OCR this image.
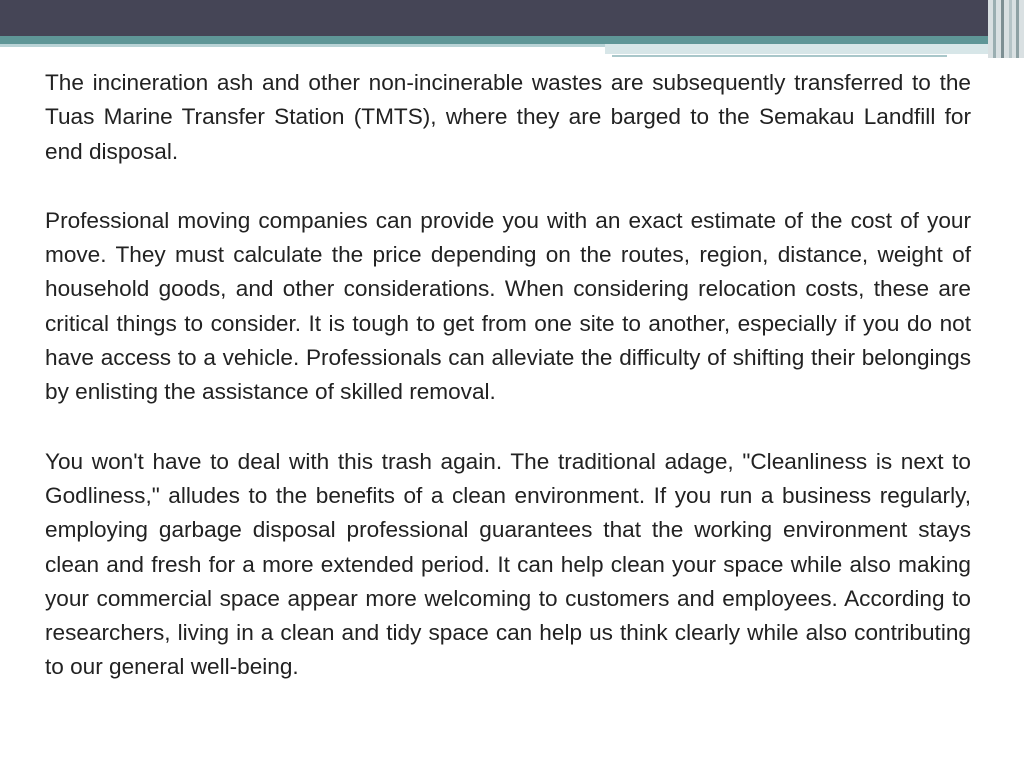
The incineration ash and other non-incinerable wastes are subsequently transferred to the Tuas Marine Transfer Station (TMTS), where they are barged to the Semakau Landfill for end disposal.

Professional moving companies can provide you with an exact estimate of the cost of your move. They must calculate the price depending on the routes, region, distance, weight of household goods, and other considerations. When considering relocation costs, these are critical things to consider. It is tough to get from one site to another, especially if you do not have access to a vehicle. Professionals can alleviate the difficulty of shifting their belongings by enlisting the assistance of skilled removal.

You won't have to deal with this trash again. The traditional adage, "Cleanliness is next to Godliness," alludes to the benefits of a clean environment. If you run a business regularly, employing garbage disposal professional guarantees that the working environment stays clean and fresh for a more extended period. It can help clean your space while also making your commercial space appear more welcoming to customers and employees. According to researchers, living in a clean and tidy space can help us think clearly while also contributing to our general well-being.
